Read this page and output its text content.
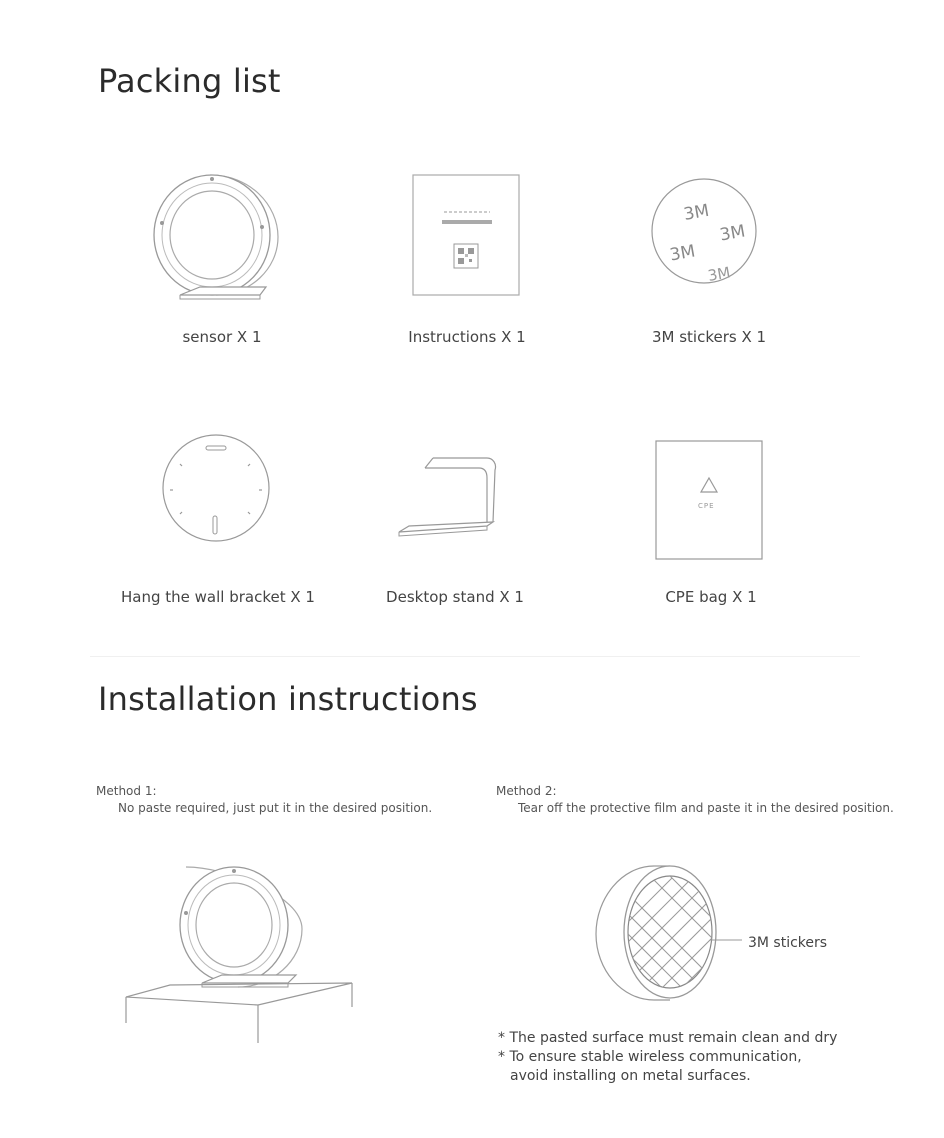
Packing list
sensor X 1	Instructions X 1
3M
3M
3M
3M
3M stickers X 1
Hang the wall bracket X 1	Desktop stand X 1
CPE
CPE bag X 1
Installation instructions
Method 1:
No paste required, just put it in the desired position.
Method 2:
Tear off the protective film and paste it in the desired position.
3M stickers
* The pasted surface must remain clean and dry
* To ensure stable wireless communication,
avoid installing on metal surfaces.
